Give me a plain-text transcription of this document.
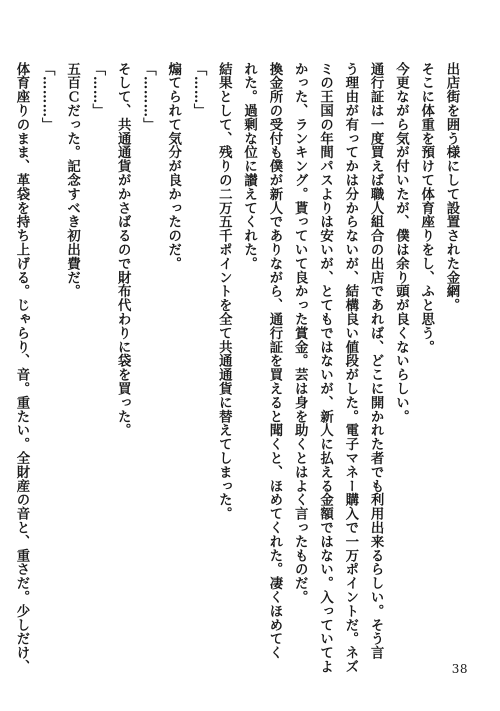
出店街を囲う様にして設置された金網。
そこに体重を預けて体育座りをし、ふと思う。
今更ながら気が付いたが、僕は余り頭が良くないらしい。
通行証は一度買えば職人組合の出店であれば、どこに開かれた者でも利用出来るらしい。そう言
う理由が有ってかは分からないが、結構良い値段がした。電子マネー購入で一万ポイントだ。ネズ
ミの王国の年間パスよりは安いが、とてもではないが、新人に払える金額ではない。入っていてよ
かった、ランキング。貰っていて良かった賞金。芸は身を助くとはよく言ったものだ。
換金所の受付も僕が新人でありながら、通行証を買えると聞くと、ほめてくれた。凄くほめてく
れた。過剰な位に讃えてくれた。
結果として、残りの二万五千ポイントを全て共通通貨に替えてしまった。
「……」
煽てられて気分が良かったのだ。
「………」
そして、共通通貨がかさばるので財布代わりに袋を買った。
「……」
五百Ｃだった。記念すべき初出費だ。
「………」
体育座りのまま、革袋を持ち上げる。じゃらり、音。重たい。全財産の音と、重さだ。少しだけ、	38
